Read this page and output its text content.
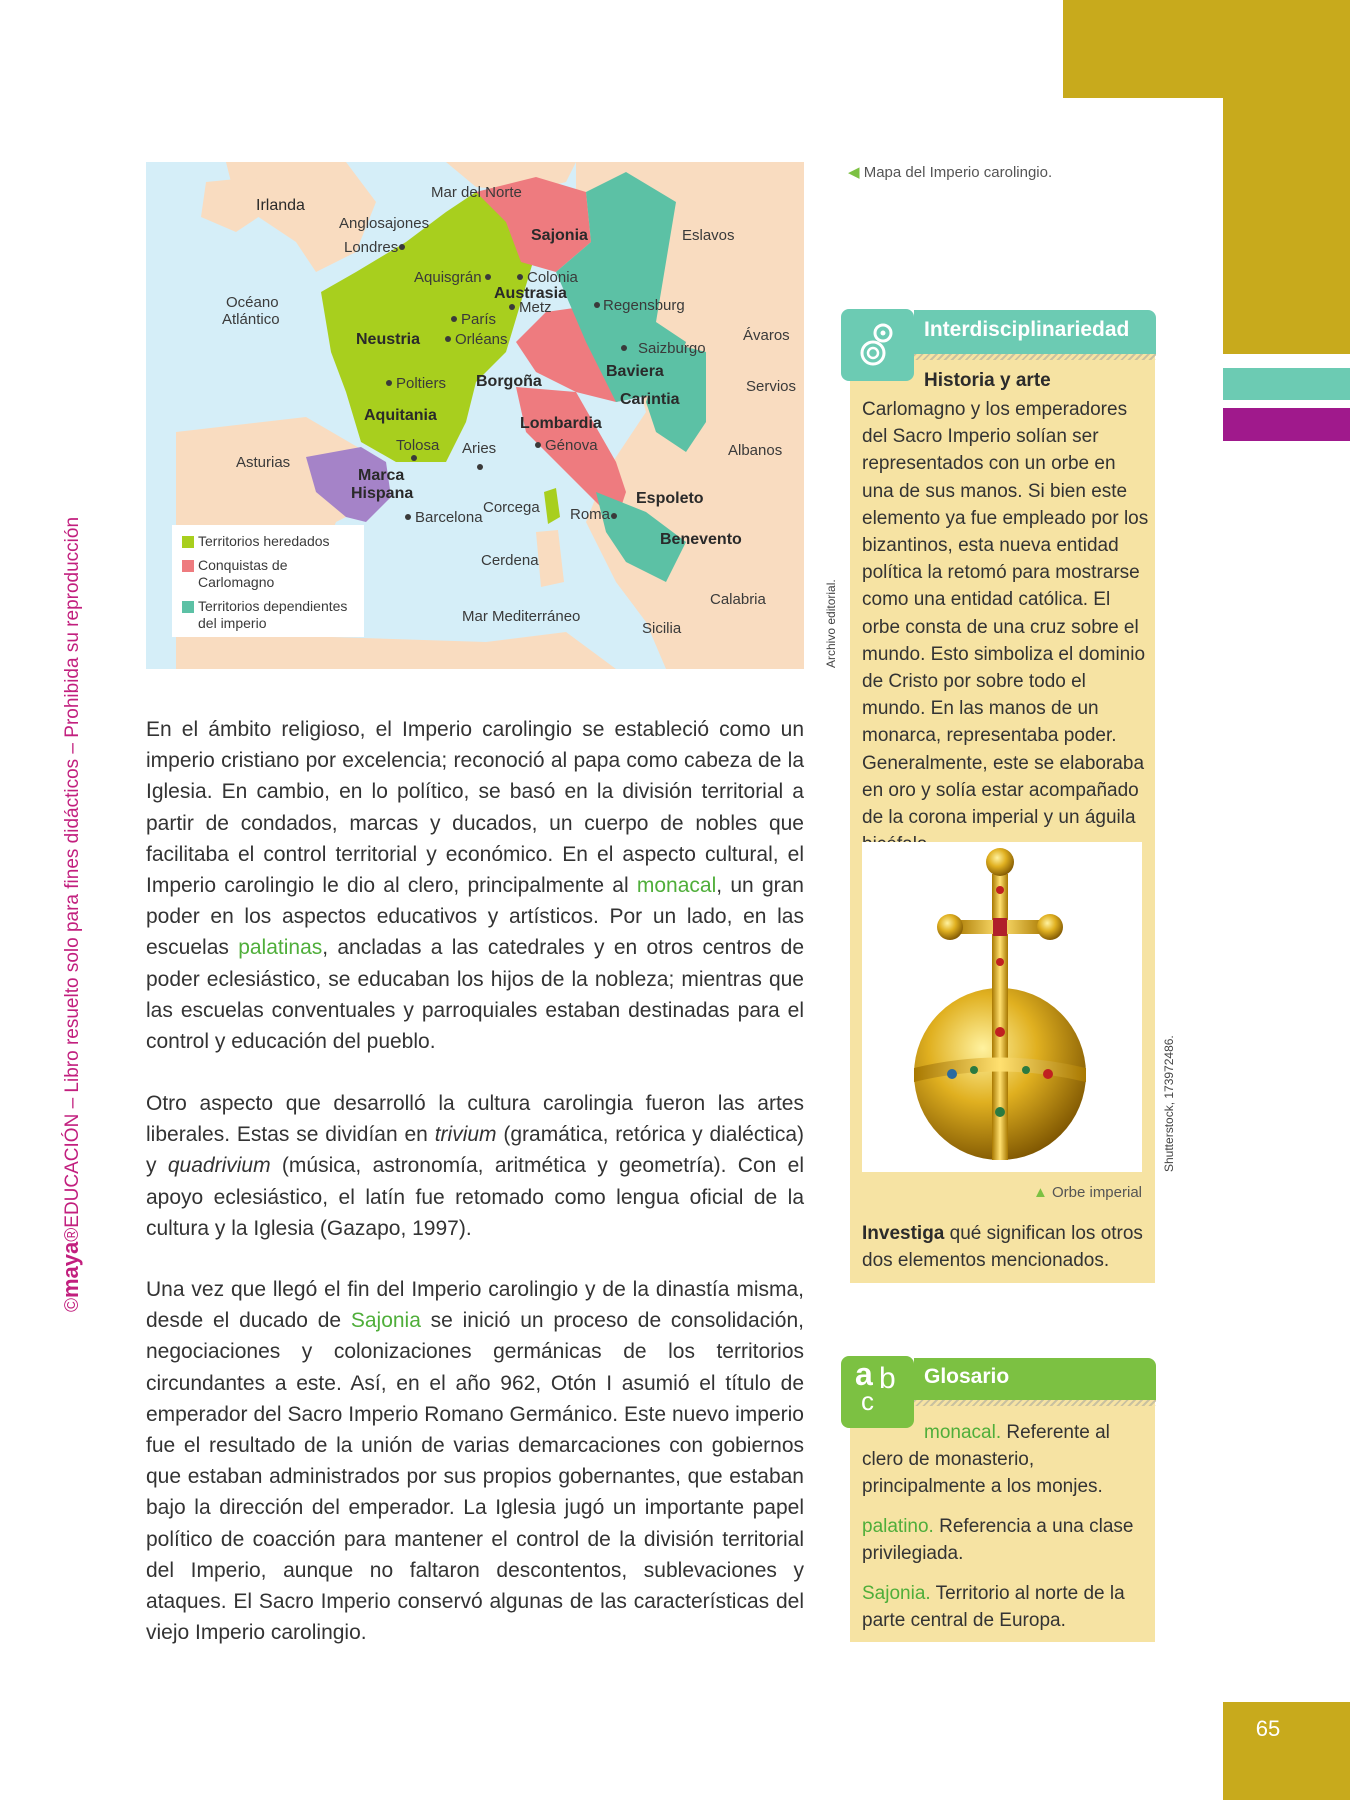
65
©maya®EDUCACIÓN – Libro resuelto solo para fines didácticos – Prohibida su reproducción
Mar del Norte
Irlanda
Anglosajones
Londres
Sajonia	Eslavos
Aquisgrán	Colonia
Austrasia
Metz	Regensburg
Océano
Atlántico	París
Neustria Orléans	Ávaros
Saizburgo
Baviera
Poltiers Borgoña	Servios
Carintia
Aquitania	Lombardia
Tolosa Aries	Génova	Albanos
Asturias
Marca
Hispana	Espoleto
Corcega Roma
Barcelona
Benevento
Cerdena
Calabria
Mar Mediterráneo
Sicilia
Territorios heredados
Conquistas de Carlomagno
Territorios dependientes del imperio	Archivo editorial.
◀ Mapa del Imperio carolingio.

En el ámbito religioso, el Imperio carolingio se estableció como un imperio cristiano por excelencia; reconoció al papa como cabeza de la Iglesia. En cambio, en lo político, se basó en la división territorial a partir de condados, marcas y ducados, un cuerpo de nobles que facilitaba el control territorial y económico. En el aspecto cultural, el Imperio carolingio le dio al clero, principalmente al monacal, un gran poder en los aspectos educativos y artísticos. Por un lado, en las escuelas palatinas, ancladas a las catedrales y en otros centros de poder eclesiástico, se educaban los hijos de la nobleza; mientras que las escuelas conventuales y parroquiales estaban destinadas para el control y educación del pueblo.

Otro aspecto que desarrolló la cultura carolingia fueron las artes liberales. Estas se dividían en trivium (gramática, retórica y dialéctica) y quadrivium (música, astronomía, aritmética y geometría). Con el apoyo eclesiástico, el latín fue retomado como lengua oficial de la cultura y la Iglesia (Gazapo, 1997).

Una vez que llegó el fin del Imperio carolingio y de la dinastía misma, desde el ducado de Sajonia se inició un proceso de consolidación, negociaciones y colonizaciones germánicas de los territorios circundantes a este. Así, en el año 962, Otón I asumió el título de emperador del Sacro Imperio Romano Germánico. Este nuevo imperio fue el resultado de la unión de varias demarcaciones con gobiernos que estaban administrados por sus propios gobernantes, que estaban bajo la dirección del emperador. La Iglesia jugó un importante papel político de coacción para mantener el control de la división territorial del Imperio, aunque no faltaron descontentos, sublevaciones y ataques. El Sacro Imperio conservó algunas de las características del viejo Imperio carolingio.

Interdisciplinariedad
Historia y arte
Carlomagno y los emperadores del Sacro Imperio solían ser representados con un orbe en una de sus manos. Si bien este elemento ya fue empleado por los bizantinos, esta nueva entidad política la retomó para mostrarse como una entidad católica. El orbe consta de una cruz sobre el mundo. Esto simboliza el dominio de Cristo por sobre todo el mundo. En las manos de un monarca, representaba poder. Generalmente, este se elaboraba en oro y solía estar acompañado de la corona imperial y un águila
Shutterstock, 173972486.
▲ Orbe imperial
Investiga qué significan los otros dos elementos mencionados.
Glosario
a b
c
monacal. Referente al clero de monasterio, principalmente a los monjes.
palatino. Referencia a una clase privilegiada.
Sajonia. Territorio al norte de la parte central de Europa.
